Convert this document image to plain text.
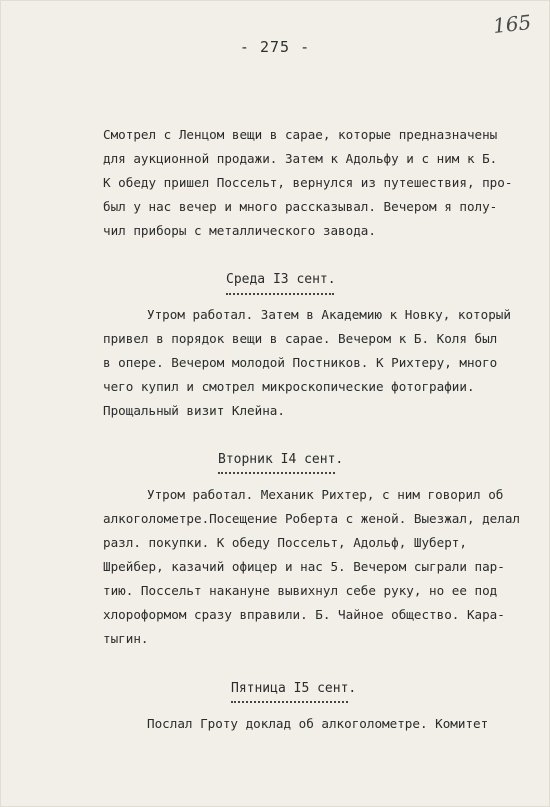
- 275 -
165
Смотрел с Ленцом вещи в сарае, которые предназначены
для аукционной продажи. Затем к Адольфу и с ним к Б.
К обеду пришел Поссельт, вернулся из путешествия, про-
был у нас вечер и много рассказывал. Вечером я полу-
чил приборы с металлического завода.
Среда I3 сент.
Утром работал. Затем в Академию к Новку, который
привел в порядок вещи в сарае. Вечером к Б. Коля был
в опере. Вечером молодой Постников. К Рихтеру, много
чего купил и смотрел микроскопические фотографии.
Прощальный визит Клейна.
Вторник I4 сент.
Утром работал. Механик Рихтер, с ним говорил об
алкоголометре.Посещение Роберта с женой. Выезжал, делал
разл. покупки. К обеду Поссельт, Адольф, Шуберт,
Шрейбер, казачий офицер и нас 5. Вечером сыграли пар-
тию. Поссельт накануне вывихнул себе руку, но ее под
хлороформом сразу вправили. Б. Чайное общество. Кара-
тыгин.
Пятница I5 сент.
Послал Гроту доклад об алкоголометре. Комитет
